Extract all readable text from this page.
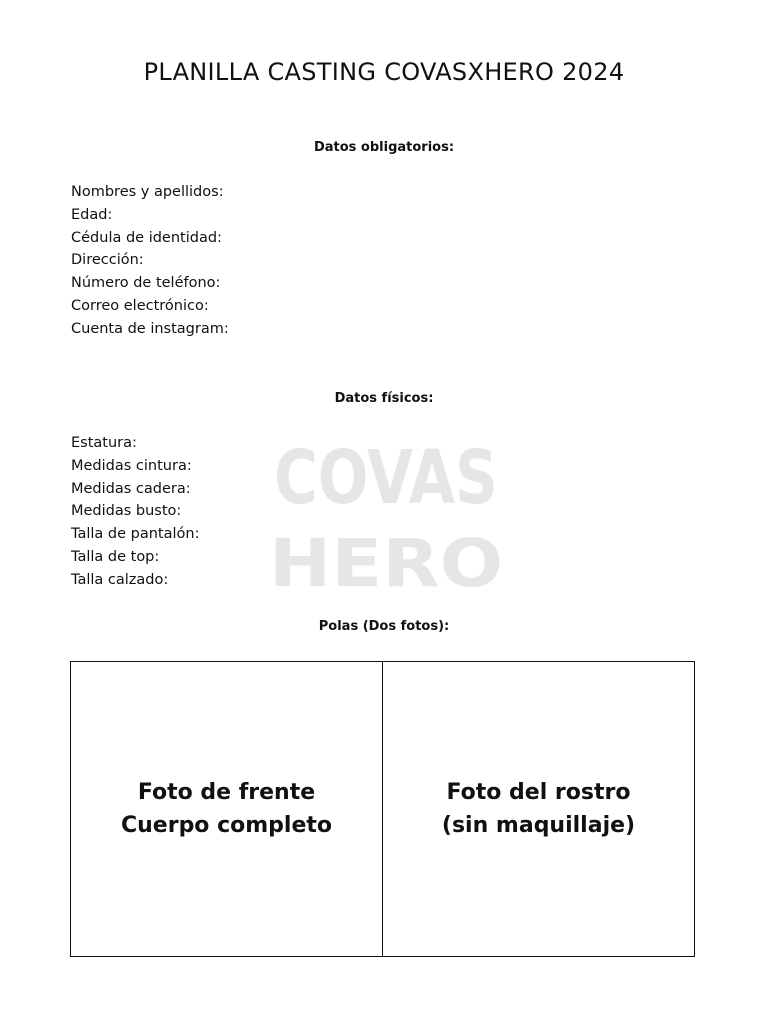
PLANILLA CASTING COVASXHERO 2024
Datos obligatorios:
Nombres y apellidos:
Edad:
Cédula de identidad:
Dirección:
Número de teléfono:
Correo electrónico:
Cuenta de instagram:
COVAS
HERO
Datos físicos:
Estatura:
Medidas cintura:
Medidas cadera:
Medidas busto:
Talla de pantalón:
Talla de top:
Talla calzado:
Polas (Dos fotos):
Foto de frente
Cuerpo completo
Foto del rostro
(sin maquillaje)
